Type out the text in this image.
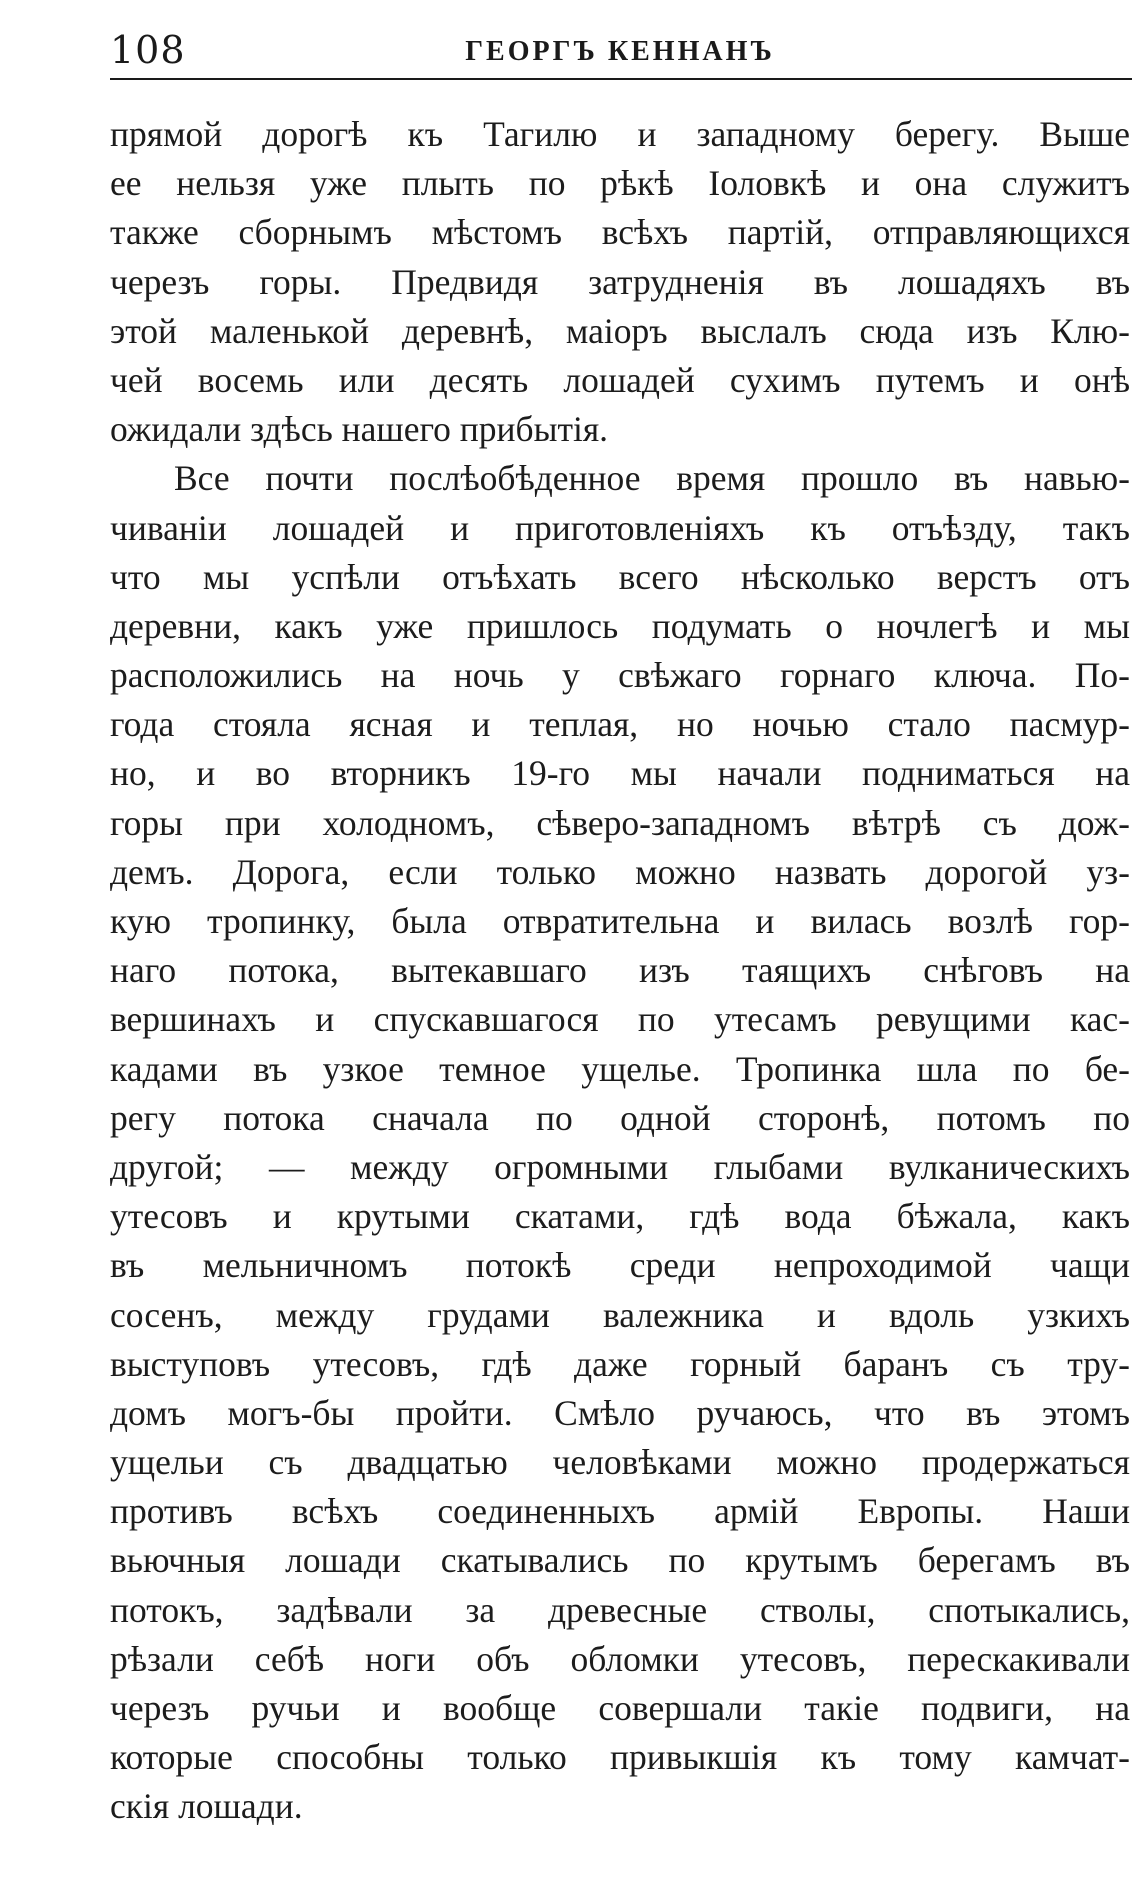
108	ГЕОРГЪ КЕННАНЪ
прямой дорогѣ къ Тагилю и западному берегу. Выше
ее нельзя уже плыть по рѣкѣ Іоловкѣ и она служитъ
также сборнымъ мѣстомъ всѣхъ партій, отправляющихся
черезъ горы. Предвидя затрудненія въ лошадяхъ въ
этой маленькой деревнѣ, маіоръ выслалъ сюда изъ Клю-
чей восемь или десять лошадей сухимъ путемъ и онѣ
ожидали здѣсь нашего прибытія.
Все почти послѣобѣденное время прошло въ навью-
чиваніи лошадей и приготовленіяхъ къ отъѣзду, такъ
что мы успѣли отъѣхать всего нѣсколько верстъ отъ
деревни, какъ уже пришлось подумать о ночлегѣ и мы
расположились на ночь у свѣжаго горнаго ключа. По-
года стояла ясная и теплая, но ночью стало пасмур-
но, и во вторникъ 19-го мы начали подниматься на
горы при холодномъ, сѣверо-западномъ вѣтрѣ съ дож-
демъ. Дорога, если только можно назвать дорогой уз-
кую тропинку, была отвратительна и вилась возлѣ гор-
наго потока, вытекавшаго изъ таящихъ снѣговъ на
вершинахъ и спускавшагося по утесамъ ревущими кас-
кадами въ узкое темное ущелье. Тропинка шла по бе-
регу потока сначала по одной сторонѣ, потомъ по
другой; — между огромными глыбами вулканическихъ
утесовъ и крутыми скатами, гдѣ вода бѣжала, какъ
въ мельничномъ потокѣ среди непроходимой чащи
сосенъ, между грудами валежника и вдоль узкихъ
выступовъ утесовъ, гдѣ даже горный баранъ съ тру-
домъ могъ-бы пройти. Смѣло ручаюсь, что въ этомъ
ущельи съ двадцатью человѣками можно продержаться
противъ всѣхъ соединенныхъ армій Европы. Наши
вьючныя лошади скатывались по крутымъ берегамъ въ
потокъ, задѣвали за древесные стволы, спотыкались,
рѣзали себѣ ноги объ обломки утесовъ, перескакивали
черезъ ручьи и вообще совершали такіе подвиги, на
которые способны только привыкшія къ тому камчат-
скія лошади.
